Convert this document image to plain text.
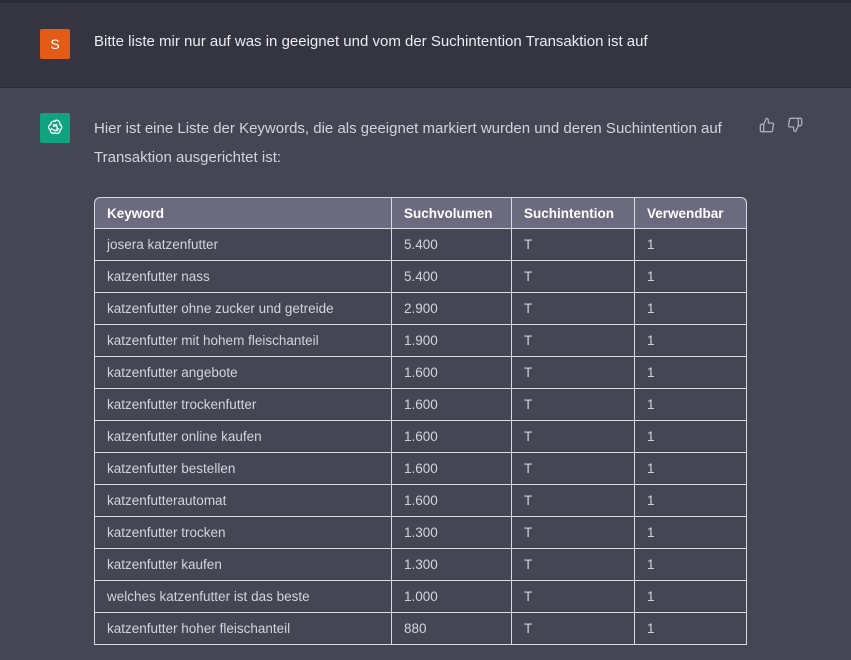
S	Bitte liste mir nur auf was in geeignet und vom der Suchintention Transaktion ist auf
Hier ist eine Liste der Keywords, die als geeignet markiert wurden und deren Suchintention auf Transaktion ausgerichtet ist:
Keyword	Suchvolumen	Suchintention	Verwendbar
josera katzenfutter	5.400	T	1
katzenfutter nass	5.400	T	1
katzenfutter ohne zucker und getreide	2.900	T	1
katzenfutter mit hohem fleischanteil	1.900	T	1
katzenfutter angebote	1.600	T	1
katzenfutter trockenfutter	1.600	T	1
katzenfutter online kaufen	1.600	T	1
katzenfutter bestellen	1.600	T	1
katzenfutterautomat	1.600	T	1
katzenfutter trocken	1.300	T	1
katzenfutter kaufen	1.300	T	1
welches katzenfutter ist das beste	1.000	T	1
katzenfutter hoher fleischanteil	880	T	1
